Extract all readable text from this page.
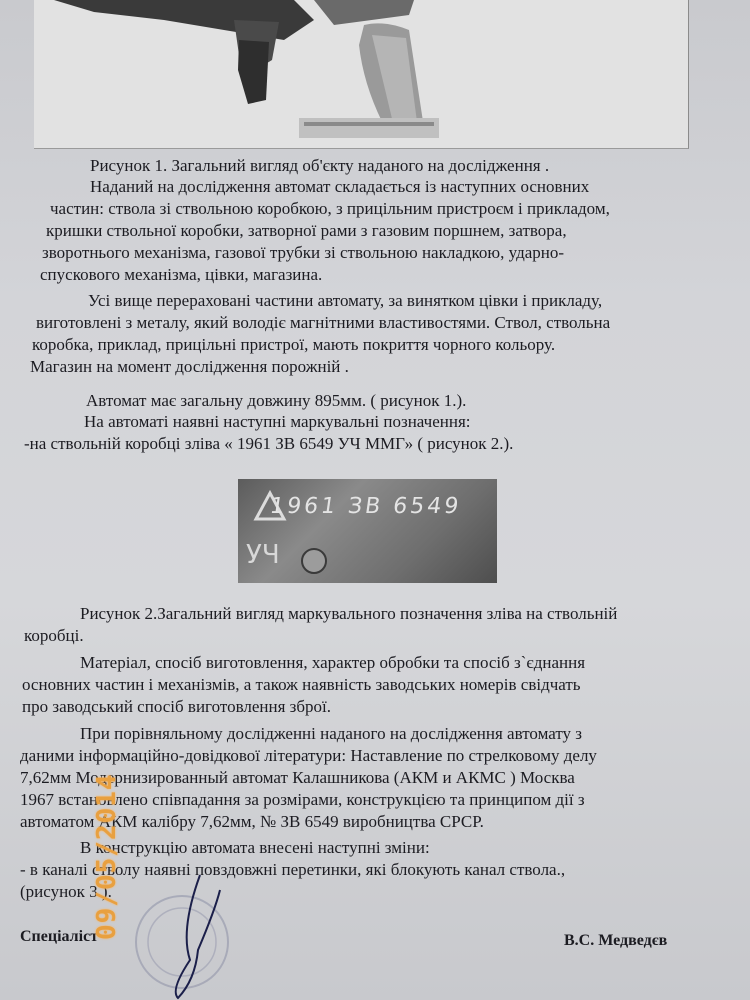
Рисунок 1. Загальний вигляд об'єкту наданого на дослідження .
Наданий на дослідження автомат складається із наступних основних
частин: ствола зі ствольною коробкою, з прицільним пристроєм і прикладом,
кришки ствольної коробки, затворної рами з газовим поршнем, затвора,
зворотнього механізма, газової трубки зі ствольною накладкою, ударно-
спускового механізма, цівки, магазина.
Усі вище перераховані частини автомату, за винятком цівки і прикладу,
виготовлені з металу, який володіє магнітними властивостями. Ствол, ствольна
коробка, приклад, прицільні пристрої, мають покриття чорного кольору.
Магазин на момент дослідження порожній .
Автомат має загальну довжину 895мм. ( рисунок 1.).
На автоматі наявні наступні маркувальні позначення:
-на ствольній коробці зліва « 1961 ЗВ 6549 УЧ ММГ» ( рисунок 2.).
1961 ЗВ 6549
УЧ
Рисунок 2.Загальний вигляд маркувального позначення зліва на ствольній
коробці.
Матеріал, спосіб виготовлення, характер обробки та спосіб з`єднання
основних частин і механізмів, а також наявність заводських номерів свідчать
про заводський спосіб виготовлення зброї.
При порівняльному дослідженні наданого на дослідження автомату з
даними інформаційно-довідкової літератури: Наставление по стрелковому делу
7,62мм Модернизированный автомат Калашникова (АКМ и АКМС ) Москва
1967 встановлено співпадання за розмірами, конструкцією та принципом дії з
автоматом АКМ калібру 7,62мм, № ЗВ 6549 виробництва СРСР.
В конструкцію автомата внесені наступні зміни:
- в каналі стволу наявні повздовжні перетинки, які блокують канал ствола.,
(рисунок 3.).
Спеціаліст	В.С. Медведєв
09/05/2014
